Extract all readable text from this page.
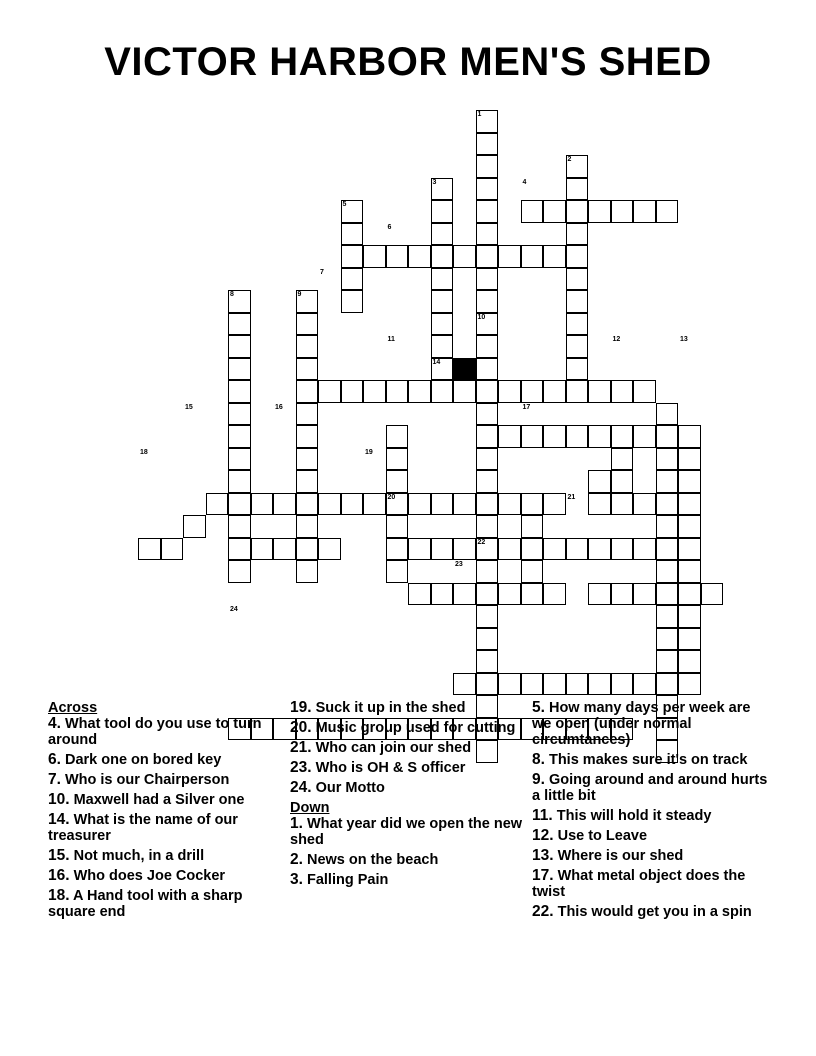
VICTOR HARBOR MEN'S SHED
1
2
3	4
5
6
7
8	9
10
11	12	13
14
15	16	17
18	19
20	21
22
23
24
Across
4. What tool do you use to turn around
6. Dark one on bored key
7. Who is our Chairperson
10. Maxwell had a Silver one
14. What is the name of our treasurer
15. Not much, in a drill
16. Who does Joe Cocker
18. A Hand tool with a sharp square end
19. Suck it up in the shed
20. Music group used for cutting
21. Who can join our shed
23. Who is OH & S officer
24. Our Motto
Down
1. What year did we open the new shed
2. News on the beach
3. Falling Pain
5. How many days per week are we open (under normal circumtances)
8. This makes sure it's on track
9. Going around and around hurts a little bit
11. This will hold it steady
12. Use to Leave
13. Where is our shed
17. What metal object does the twist
22. This would get you in a spin
